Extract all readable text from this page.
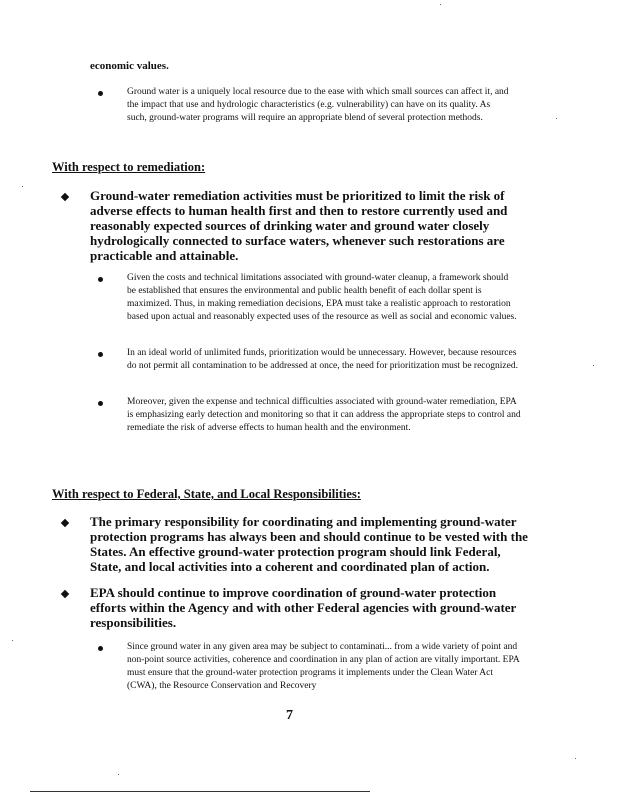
economic values.
Ground water is a uniquely local resource due to the ease with which small sources can affect it, and the impact that use and hydrologic characteristics (e.g. vulnerability) can have on its quality. As such, ground-water programs will require an appropriate blend of several protection methods.
With respect to remediation:
Ground-water remediation activities must be prioritized to limit the risk of adverse effects to human health first and then to restore currently used and reasonably expected sources of drinking water and ground water closely hydrologically connected to surface waters, whenever such restorations are practicable and attainable.
Given the costs and technical limitations associated with ground-water cleanup, a framework should be established that ensures the environmental and public health benefit of each dollar spent is maximized. Thus, in making remediation decisions, EPA must take a realistic approach to restoration based upon actual and reasonably expected uses of the resource as well as social and economic values.
In an ideal world of unlimited funds, prioritization would be unnecessary. However, because resources do not permit all contamination to be addressed at once, the need for prioritization must be recognized.
Moreover, given the expense and technical difficulties associated with ground-water remediation, EPA is emphasizing early detection and monitoring so that it can address the appropriate steps to control and remediate the risk of adverse effects to human health and the environment.
With respect to Federal, State, and Local Responsibilities:
The primary responsibility for coordinating and implementing ground-water protection programs has always been and should continue to be vested with the States. An effective ground-water protection program should link Federal, State, and local activities into a coherent and coordinated plan of action.
EPA should continue to improve coordination of ground-water protection efforts within the Agency and with other Federal agencies with ground-water responsibilities.
Since ground water in any given area may be subject to contaminati... from a wide variety of point and non-point source activities, coherence and coordination in any plan of action are vitally important. EPA must ensure that the ground-water protection programs it implements under the Clean Water Act (CWA), the Resource Conservation and Recovery
7
